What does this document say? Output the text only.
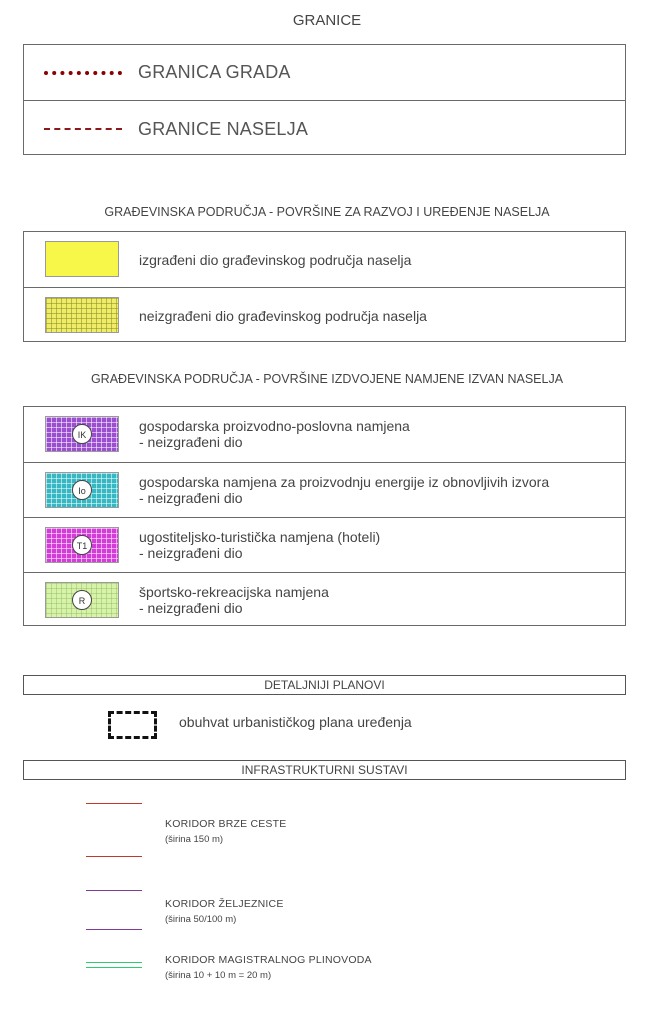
GRANICE
GRANICA GRADA
GRANICE NASELJA
GRAĐEVINSKA PODRUČJA - POVRŠINE ZA RAZVOJ I UREĐENJE NASELJA
izgrađeni dio građevinskog područja naselja
neizgrađeni dio građevinskog područja naselja
GRAĐEVINSKA PODRUČJA - POVRŠINE IZDVOJENE NAMJENE IZVAN NASELJA
IK
gospodarska proizvodno-poslovna namjena
- neizgrađeni dio
Io
gospodarska namjena za proizvodnju energije iz obnovljivih izvora
- neizgrađeni dio
T1
ugostiteljsko-turistička namjena (hoteli)
- neizgrađeni dio
R
športsko-rekreacijska namjena
- neizgrađeni dio
DETALJNIJI PLANOVI
obuhvat urbanističkog plana uređenja
INFRASTRUKTURNI SUSTAVI
KORIDOR BRZE CESTE
(širina 150 m)
KORIDOR ŽELJEZNICE
(širina 50/100 m)
KORIDOR MAGISTRALNOG PLINOVODA
(širina 10 + 10 m = 20 m)
